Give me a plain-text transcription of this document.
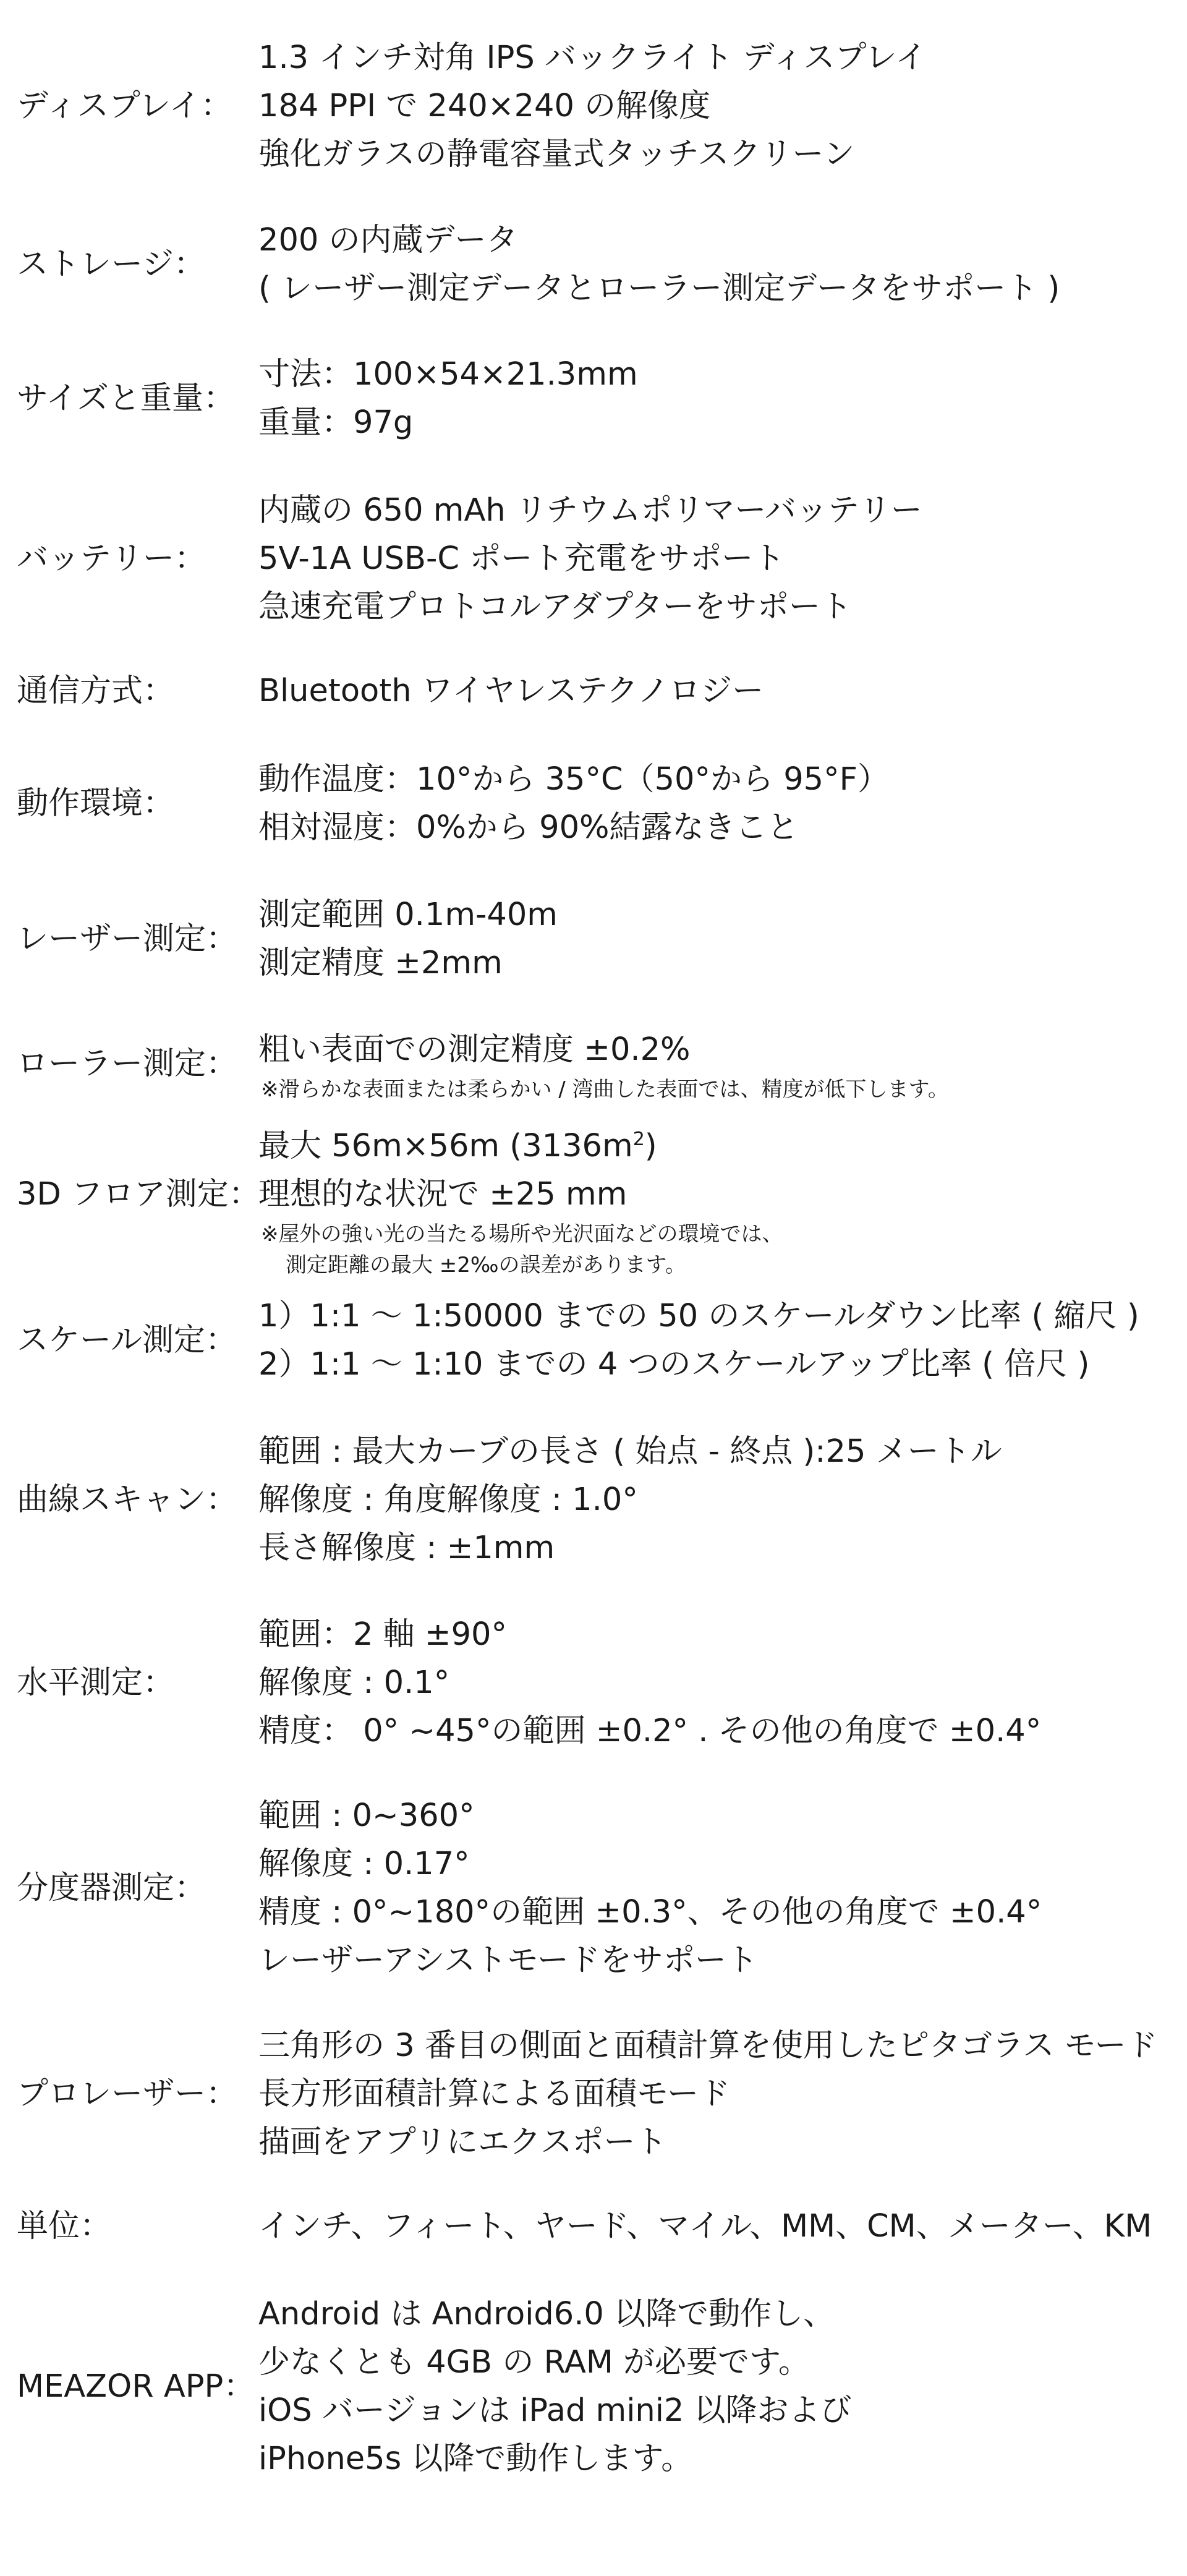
ディスプレイ：
1.3 インチ対角 IPS バックライト ディスプレイ
184 PPI で 240×240 の解像度
強化ガラスの静電容量式タッチスクリーン
ストレージ：
200 の内蔵データ
( レーザー測定データとローラー測定データをサポート )
サイズと重量：
寸法：100×54×21.3mm
重量：97g
バッテリー：
内蔵の 650 mAh リチウムポリマーバッテリー
5V-1A USB-C ポート充電をサポート
急速充電プロトコルアダプターをサポート
通信方式：	Bluetooth ワイヤレステクノロジー
動作環境：
動作温度：10°から 35°C（50°から 95°F）
相対湿度：0%から 90%結露なきこと
レーザー測定：
測定範囲 0.1m-40m
測定精度 ±2mm
ローラー測定： 粗い表面での測定精度 ±0.2%
※滑らかな表面または柔らかい / 湾曲した表面では、精度が低下します。
3D フロア測定：
最大 56m×56m $(3136m^2)$
理想的な状況で ±25 mm
※屋外の強い光の当たる場所や光沢面などの環境では、
測定距離の最大 ±2‰の誤差があります。
スケール測定：
1）1:1 〜 1:50000 までの 50 のスケールダウン比率 ( 縮尺 )
2）1:1 〜 1:10 までの 4 つのスケールアップ比率 ( 倍尺 )
曲線スキャン：
範囲 : 最大カーブの長さ ( 始点 - 終点 ):25 メートル
解像度 : 角度解像度 : 1.0°
長さ解像度 : ±1mm
水平測定：
範囲：2 軸 ±90°
解像度 : 0.1°
精度： 0° ~45°の範囲 ±0.2° . その他の角度で ±0.4°
分度器測定：
範囲 : 0~360°
解像度 : 0.17°
精度 : 0°~180°の範囲 ±0.3°、その他の角度で ±0.4°
レーザーアシストモードをサポート
プロレーザー：
三角形の 3 番目の側面と面積計算を使用したピタゴラス モード
長方形面積計算による面積モード
描画をアプリにエクスポート
単位：	インチ、フィート、ヤード、マイル、MM、CM、メーター、KM
MEAZOR APP：
Android は Android6.0 以降で動作し、
少なくとも 4GB の RAM が必要です。
iOS バージョンは iPad mini2 以降および
iPhone5s 以降で動作します。
